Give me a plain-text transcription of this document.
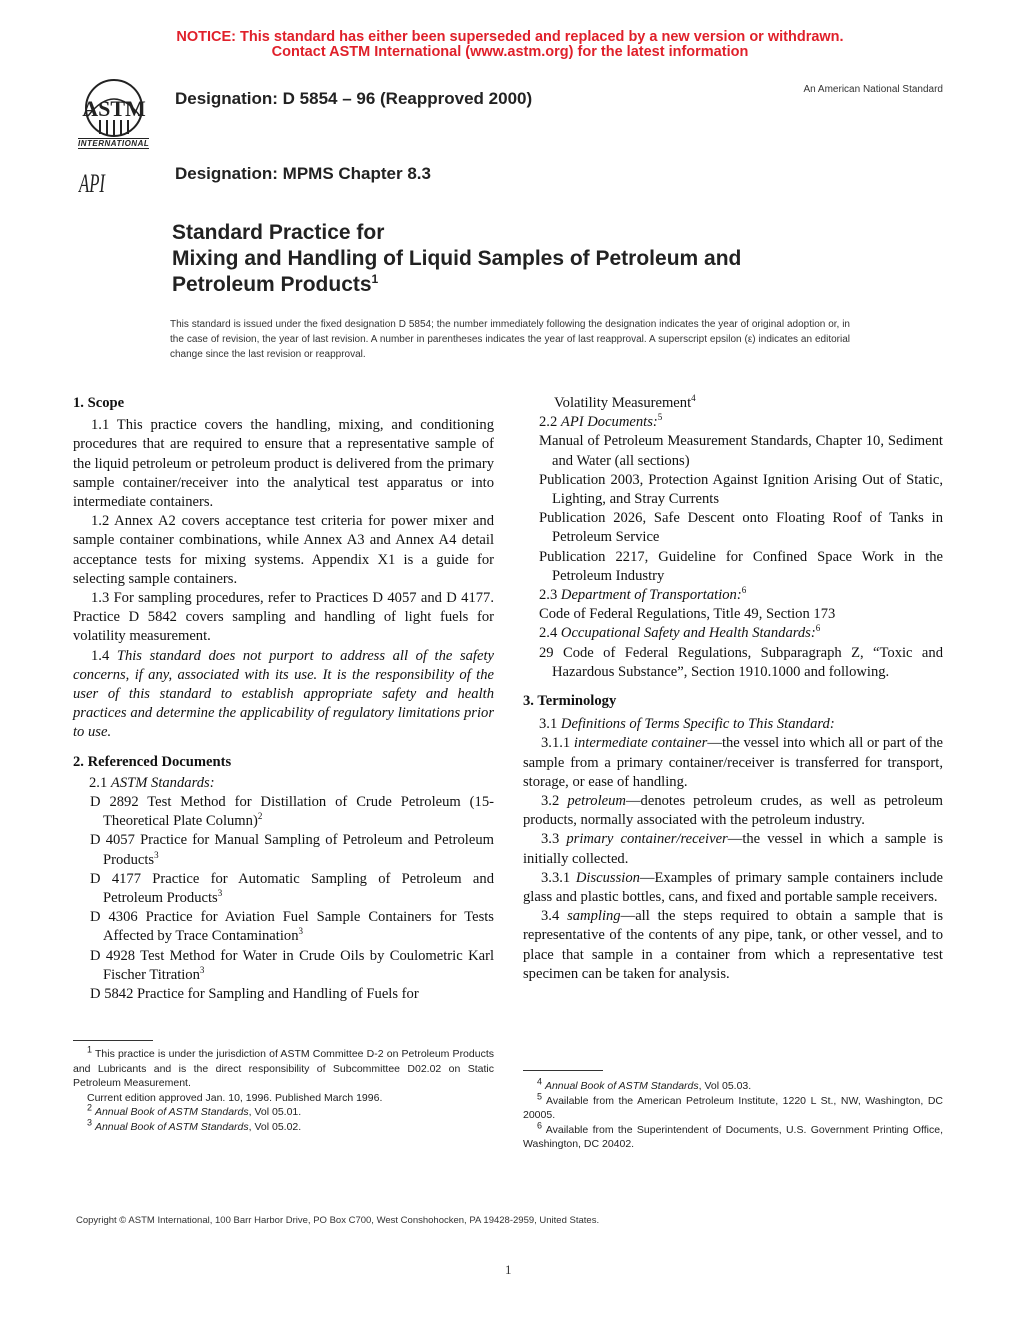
NOTICE: This standard has either been superseded and replaced by a new version or withdrawn.
Contact ASTM International (www.astm.org) for the latest information
ASTM
INTERNATIONAL
API
Designation: D 5854 – 96 (Reapproved 2000)
Designation: MPMS Chapter 8.3
An American National Standard
Standard Practice for
Mixing and Handling of Liquid Samples of Petroleum and
Petroleum Products$^1$
This standard is issued under the fixed designation D 5854; the number immediately following the designation indicates the year of original adoption or, in the case of revision, the year of last revision. A number in parentheses indicates the year of last reapproval. A superscript epsilon (ε) indicates an editorial change since the last revision or reapproval.

1. Scope

1.1 This practice covers the handling, mixing, and conditioning procedures that are required to ensure that a representative sample of the liquid petroleum or petroleum product is delivered from the primary sample container/receiver into the analytical test apparatus or into intermediate containers.

1.2 Annex A2 covers acceptance test criteria for power mixer and sample container combinations, while Annex A3 and Annex A4 detail acceptance tests for mixing systems. Appendix X1 is a guide for selecting sample containers.

1.3 For sampling procedures, refer to Practices D 4057 and D 4177. Practice D 5842 covers sampling and handling of light fuels for volatility measurement.

1.4 This standard does not purport to address all of the safety concerns, if any, associated with its use. It is the responsibility of the user of this standard to establish appropriate safety and health practices and determine the applicability of regulatory limitations prior to use.

2. Referenced Documents

2.1 ASTM Standards:

D 2892 Test Method for Distillation of Crude Petroleum (15-Theoretical Plate Column)$^2$

D 4057 Practice for Manual Sampling of Petroleum and Petroleum Products$^3$

D 4177 Practice for Automatic Sampling of Petroleum and Petroleum Products$^3$

D 4306 Practice for Aviation Fuel Sample Containers for Tests Affected by Trace Contamination$^3$

D 4928 Test Method for Water in Crude Oils by Coulometric Karl Fischer Titration$^3$

D 5842 Practice for Sampling and Handling of Fuels for

$^1$ This practice is under the jurisdiction of ASTM Committee D-2 on Petroleum Products and Lubricants and is the direct responsibility of Subcommittee D02.02 on Static Petroleum Measurement.

Current edition approved Jan. 10, 1996. Published March 1996.

$^2$ Annual Book of ASTM Standards, Vol 05.01.

$^3$ Annual Book of ASTM Standards, Vol 05.02.

Volatility Measurement$^4$

2.2 API Documents:$^5$

Manual of Petroleum Measurement Standards, Chapter 10, Sediment and Water (all sections)

Publication 2003, Protection Against Ignition Arising Out of Static, Lighting, and Stray Currents

Publication 2026, Safe Descent onto Floating Roof of Tanks in Petroleum Service

Publication 2217, Guideline for Confined Space Work in the Petroleum Industry

2.3 Department of Transportation:$^6$

Code of Federal Regulations, Title 49, Section 173

2.4 Occupational Safety and Health Standards:$^6$

29 Code of Federal Regulations, Subparagraph Z, “Toxic and Hazardous Substance”, Section 1910.1000 and following.

3. Terminology

3.1 Definitions of Terms Specific to This Standard:

3.1.1 intermediate container—the vessel into which all or part of the sample from a primary container/receiver is transferred for transport, storage, or ease of handling.

3.2 petroleum—denotes petroleum crudes, as well as petroleum products, normally associated with the petroleum industry.

3.3 primary container/receiver—the vessel in which a sample is initially collected.

3.3.1 Discussion—Examples of primary sample containers include glass and plastic bottles, cans, and fixed and portable sample receivers.

3.4 sampling—all the steps required to obtain a sample that is representative of the contents of any pipe, tank, or other vessel, and to place that sample in a container from which a representative test specimen can be taken for analysis.

$^4$ Annual Book of ASTM Standards, Vol 05.03.

$^5$ Available from the American Petroleum Institute, 1220 L St., NW, Washington, DC 20005.

$^6$ Available from the Superintendent of Documents, U.S. Government Printing Office, Washington, DC 20402.

Copyright © ASTM International, 100 Barr Harbor Drive, PO Box C700, West Conshohocken, PA 19428-2959, United States.
1
